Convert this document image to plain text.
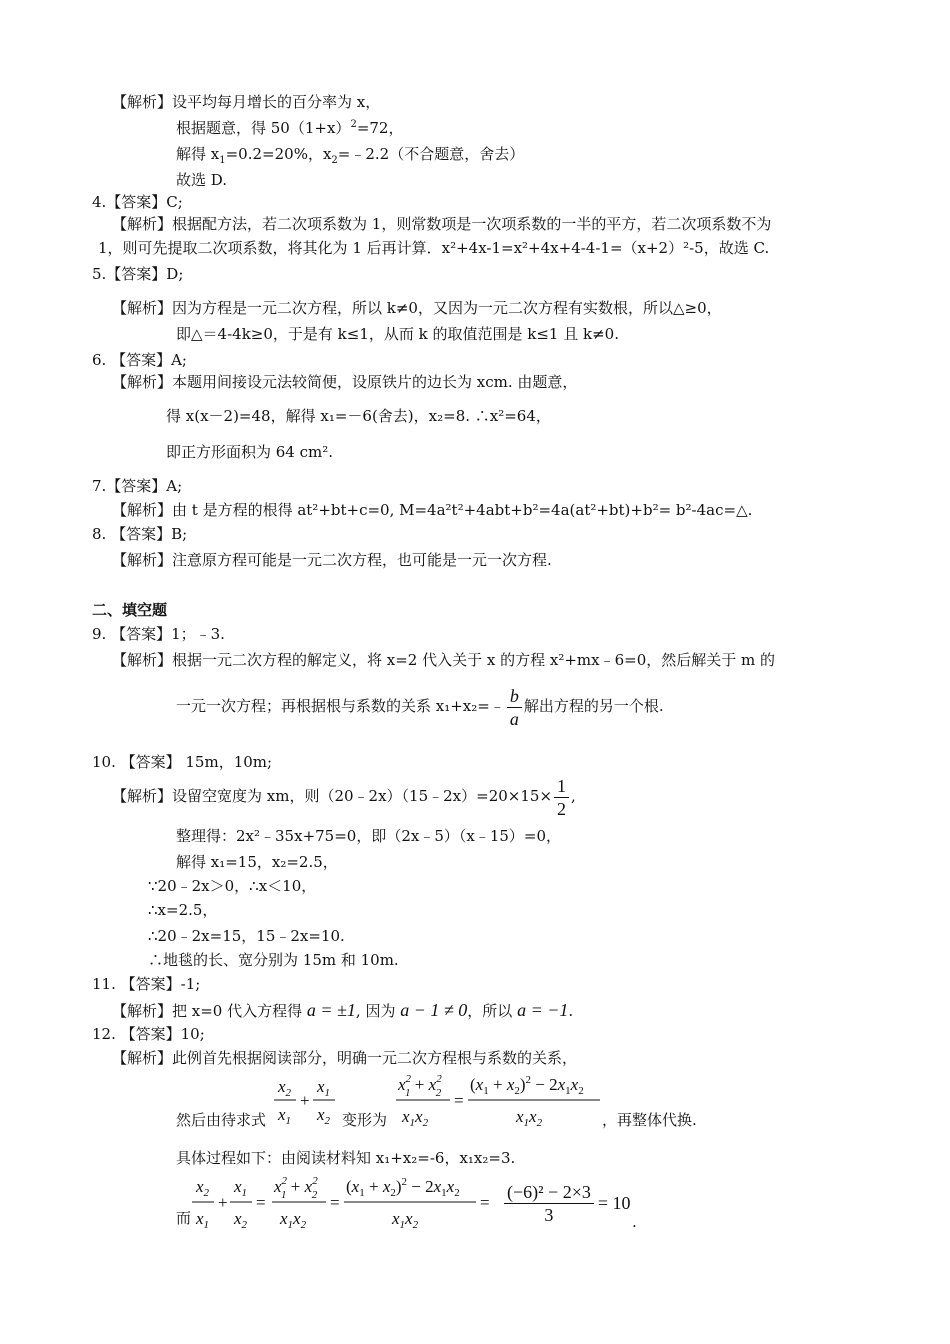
【解析】设平均每月增长的百分率为 x，
根据题意，得 $50(1+x)^2=72$，
解得 $x_1=0.2=20\%$，$x_2=﹣2.2$（不合题意，舍去）
故选 D.
4.【答案】C;
【解析】根据配方法，若二次项系数为 1，则常数项是一次项系数的一半的平方，若二次项系数不为
1，则可先提取二次项系数，将其化为 1 后再计算．x²+4x-1=x²+4x+4-4-1=（x+2）²-5，故选 C.
5.【答案】D;
【解析】因为方程是一元二次方程，所以 k≠0，又因为一元二次方程有实数根，所以△≥0，
即△＝4-4k≥0，于是有 k≤1，从而 k 的取值范围是 k≤1 且 k≠0.
6. 【答案】A;
【解析】本题用间接设元法较简便，设原铁片的边长为 xcm. 由题意，
得 x(x－2)=48，解得 x₁=－6(舍去)，x₂=8. ∴x²=64，
即正方形面积为 64 cm².
7.【答案】A;
【解析】由 t 是方程的根得 at²+bt+c=0, M=4a²t²+4abt+b²=4a(at²+bt)+b²= b²-4ac=△.
8. 【答案】B;
【解析】注意原方程可能是一元二次方程，也可能是一元一次方程.
二、填空题
9. 【答案】1；﹣3.
【解析】根据一元二次方程的解定义，将 x=2 代入关于 x 的方程 x²+mx﹣6=0，然后解关于 m 的
一元一次方程；再根据根与系数的关系 x₁+x₂=﹣ $\frac{b}{a}$ 解出方程的另一个根.
10. 【答案】 15m，10m;
【解析】设留空宽度为 xm，则（20﹣2x）（15﹣2x）=20×15× $\frac{1}{2}$ ,
整理得：2x²﹣35x+75=0，即（2x﹣5）（x﹣15）=0，
解得 x₁=15，x₂=2.5，
∵20﹣2x＞0，∴x＜10，
∴x=2.5，
∴20﹣2x=15，15﹣2x=10.
∴地毯的长、宽分别为 15m 和 10m.
11. 【答案】-1;
【解析】把 x=0 代入方程得 a = ±1, 因为 a − 1 ≠ 0，所以 a = −1.
12. 【答案】10;
【解析】此例首先根据阅读部分，明确一元二次方程根与系数的关系，
然后由待求式
$x_2$
$x_1$
+
$x_1$
$x_2$ 变形为
$x^2$ $1 + x^2$ 2
$x_1x_2$
=
$(x_1 + x_2)^2 - 2x_1x_2$
$x_1x_2$	，再整体代换.
具体过程如下：由阅读材料知 x₁+x₂=-6，x₁x₂=3.
而
$x_2$
$x_1$
+
$x_1$
$x_2$
=
$x^2$ $1 + x^2$ 2
$x_1x_2$
=
$(x_1 + x_2)^2 - 2x_1x_2$
$x_1x_2$
= $\frac{\text{(−6)² − 2×3}}{3} = 10$
.
